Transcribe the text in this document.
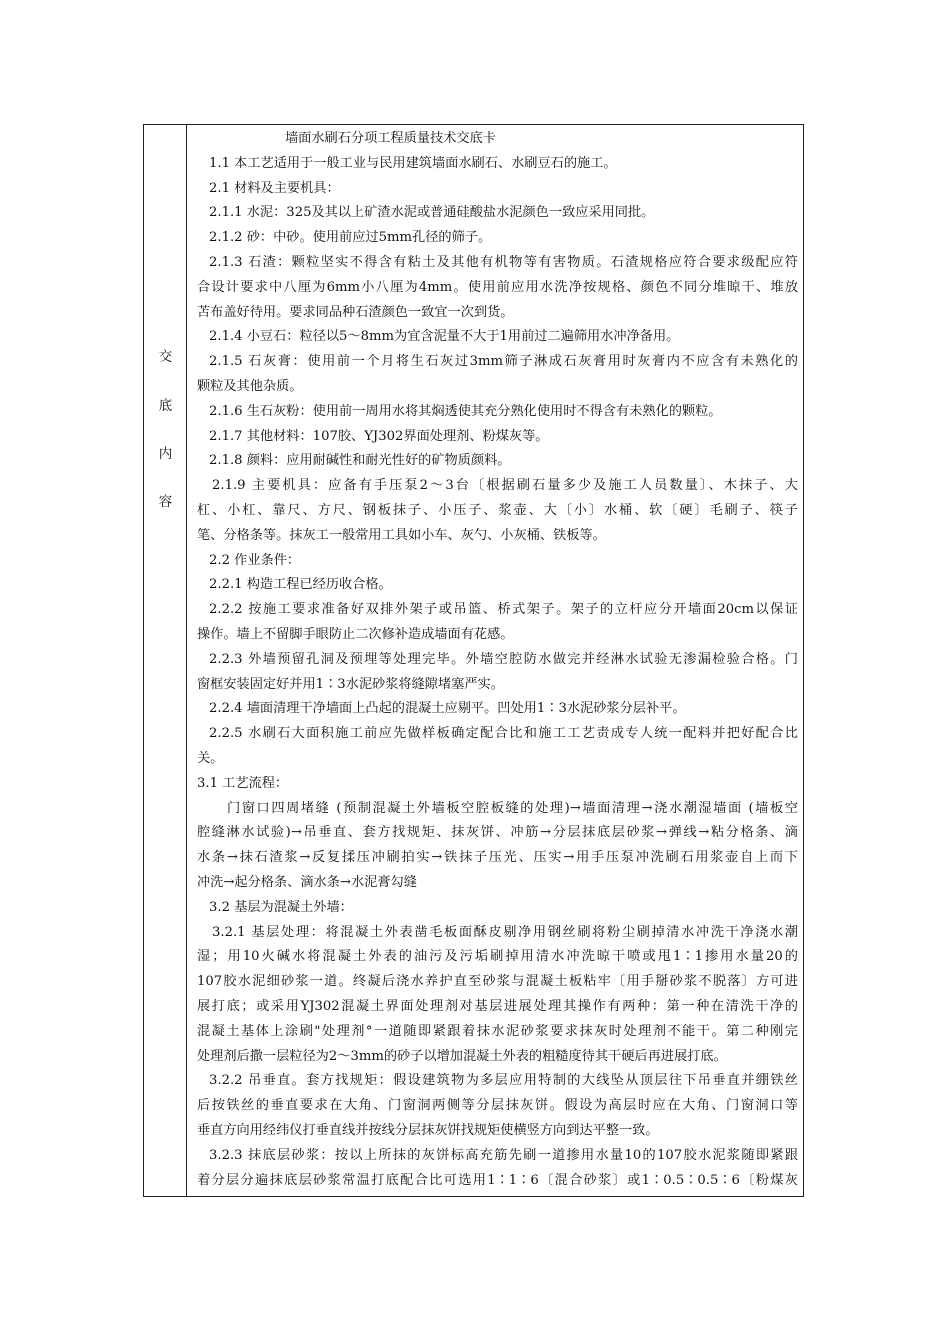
交
底
内
容
墙面水刷石分项工程质量技术交底卡
1.1 本工艺适用于一般工业与民用建筑墙面水刷石、水刷豆石的施工。
2.1 材料及主要机具：
2.1.1 水泥：325及其以上矿渣水泥或普通硅酸盐水泥颜色一致应采用同批。
2.1.2 砂：中砂。使用前应过5mm孔径的筛子。
2.1.3 石渣：颗粒坚实不得含有粘土及其他有机物等有害物质。石渣规格应符合要求级配应符
合设计要求中八厘为6mm小八厘为4mm。使用前应用水洗净按规格、颜色不同分堆晾干、堆放
苫布盖好待用。要求同品种石渣颜色一致宜一次到货。
2.1.4 小豆石：粒径以5～8mm为宜含泥量不大于1用前过二遍筛用水冲净备用。
2.1.5 石灰膏：使用前一个月将生石灰过3mm筛子淋成石灰膏用时灰膏内不应含有未熟化的
颗粒及其他杂质。
2.1.6 生石灰粉：使用前一周用水将其焖透使其充分熟化使用时不得含有未熟化的颗粒。
2.1.7 其他材料：107胶、YJ302界面处理剂、粉煤灰等。
2.1.8 颜料：应用耐碱性和耐光性好的矿物质颜料。
2.1.9 主要机具：应备有手压泵2～3台〔根据刷石量多少及施工人员数量〕、木抹子、大
杠、小杠、靠尺、方尺、钢板抹子、小压子、浆壶、大〔小〕水桶、软〔硬〕毛刷子、筷子
笔、分格条等。抹灰工一般常用工具如小车、灰勺、小灰桶、铁板等。
2.2 作业条件：
2.2.1 构造工程已经历收合格。
2.2.2 按施工要求准备好双排外架子或吊篮、桥式架子。架子的立杆应分开墙面20cm以保证
操作。墙上不留脚手眼防止二次修补造成墙面有花感。
2.2.3 外墙预留孔洞及预埋等处理完毕。外墙空腔防水做完并经淋水试验无渗漏检验合格。门
窗框安装固定好并用1∶3水泥砂浆将缝隙堵塞严实。
2.2.4 墙面清理干净墙面上凸起的混凝土应剔平。凹处用1∶3水泥砂浆分层补平。
2.2.5 水刷石大面积施工前应先做样板确定配合比和施工工艺责成专人统一配料并把好配合比
关。
3.1 工艺流程：
门窗口四周堵缝 (预制混凝土外墙板空腔板缝的处理)→墙面清理→浇水潮湿墙面 (墙板空
腔缝淋水试验)→吊垂直、套方找规矩、抹灰饼、冲筋→分层抹底层砂浆→弹线→粘分格条、滴
水条→抹石渣浆→反复揉压冲刷拍实→铁抹子压光、压实→用手压泵冲洗刷石用浆壶自上而下
冲洗→起分格条、滴水条→水泥膏勾缝
3.2 基层为混凝土外墙：
3.2.1 基层处理：将混凝土外表凿毛板面酥皮剔净用钢丝刷将粉尘刷掉清水冲洗干净浇水潮
湿；用10火碱水将混凝土外表的油污及污垢刷掉用清水冲洗晾干喷或甩1∶1掺用水量20的
107胶水泥细砂浆一道。终凝后浇水养护直至砂浆与混凝土板粘牢〔用手掰砂浆不脱落〕方可进
展打底；或采用YJ302混凝土界面处理剂对基层进展处理其操作有两种：第一种在清洗干净的
混凝土基体上涂刷"处理剂°一道随即紧跟着抹水泥砂浆要求抹灰时处理剂不能干。第二种刚完
处理剂后撒一层粒径为2～3mm的砂子以增加混凝土外表的粗糙度待其干硬后再进展打底。
3.2.2 吊垂直。套方找规矩：假设建筑物为多层应用特制的大线坠从顶层往下吊垂直并绷铁丝
后按铁丝的垂直要求在大角、门窗洞两侧等分层抹灰饼。假设为高层时应在大角、门窗洞口等
垂直方向用经纬仪打垂直线并按线分层抹灰饼找规矩使横竖方向到达平整一致。
3.2.3 抹底层砂浆：按以上所抹的灰饼标高充筋先刷一道掺用水量10的107胶水泥浆随即紧跟
着分层分遍抹底层砂浆常温打底配合比可选用1∶1∶6〔混合砂浆〕或1∶0.5∶0.5∶6〔粉煤灰
